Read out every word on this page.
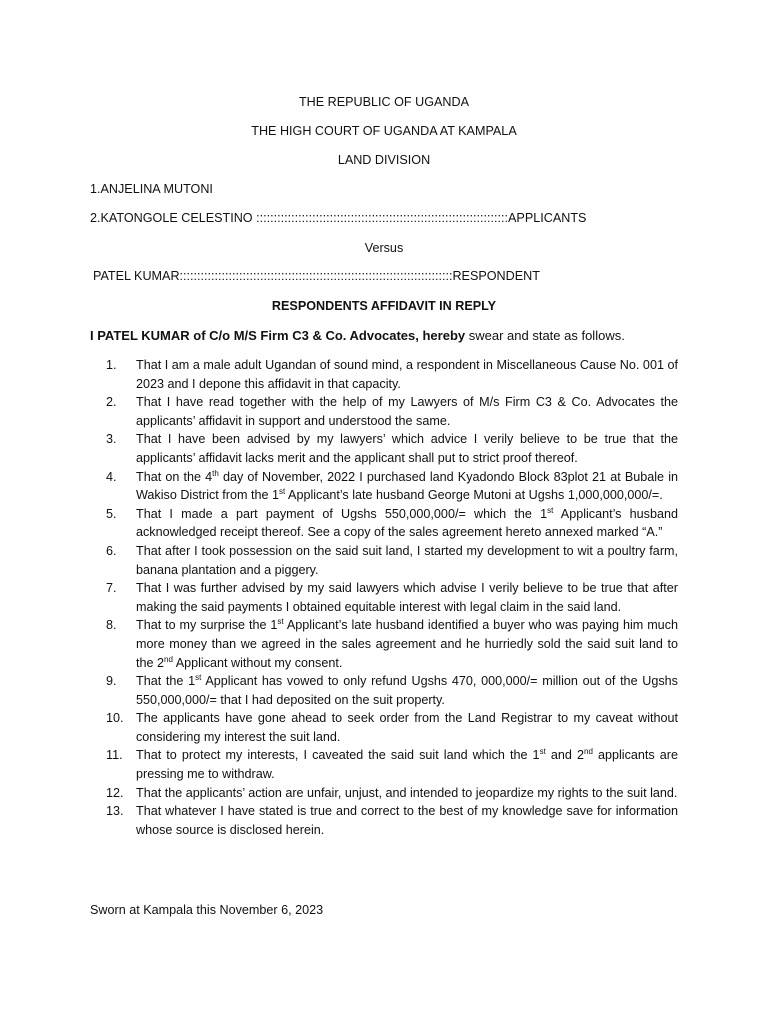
THE REPUBLIC OF UGANDA
THE HIGH COURT OF UGANDA AT KAMPALA
LAND DIVISION
1.ANJELINA MUTONI
2.KATONGOLE CELESTINO ::::::::::::::::::::::::::::::::::::::::::::::::::::::::::::::::::::::::APPLICANTS
Versus
PATEL KUMAR::::::::::::::::::::::::::::::::::::::::::::::::::::::::::::::::::::::::::::::RESPONDENT
RESPONDENTS AFFIDAVIT IN REPLY
I PATEL KUMAR of C/o M/S Firm C3 & Co. Advocates, hereby swear and state as follows.
1.	That I am a male adult Ugandan of sound mind, a respondent in Miscellaneous Cause No. 001 of 2023 and I depone this affidavit in that capacity.
2.	That I have read together with the help of my Lawyers of M/s Firm C3 & Co. Advocates the applicants’ affidavit in support and understood the same.
3.	That I have been advised by my lawyers’ which advice I verily believe to be true that the applicants’ affidavit lacks merit and the applicant shall put to strict proof thereof.
4.	That on the 4th day of November, 2022 I purchased land Kyadondo Block 83plot 21 at Bubale in Wakiso District from the 1st Applicant’s late husband George Mutoni at Ugshs 1,000,000,000/=.
5.	That I made a part payment of Ugshs 550,000,000/= which the 1st Applicant’s husband acknowledged receipt thereof. See a copy of the sales agreement hereto annexed marked “A.”
6.	That after I took possession on the said suit land, I started my development to wit a poultry farm, banana plantation and a piggery.
7.	That I was further advised by my said lawyers which advise I verily believe to be true that after making the said payments I obtained equitable interest with legal claim in the said land.
8.	That to my surprise the 1st Applicant’s late husband identified a buyer who was paying him much more money than we agreed in the sales agreement and he hurriedly sold the said suit land to the 2nd Applicant without my consent.
9.	That the 1st Applicant has vowed to only refund Ugshs 470, 000,000/= million out of the Ugshs 550,000,000/= that I had deposited on the suit property.
10. The applicants have gone ahead to seek order from the Land Registrar to my caveat without considering my interest the suit land.
11.	That to protect my interests, I caveated the said suit land which the 1st and 2nd applicants are pressing me to withdraw.
12. That the applicants’ action are unfair, unjust, and intended to jeopardize my rights to the suit land.
13. That whatever I have stated is true and correct to the best of my knowledge save for information whose source is disclosed herein.
Sworn at Kampala this November 6, 2023
